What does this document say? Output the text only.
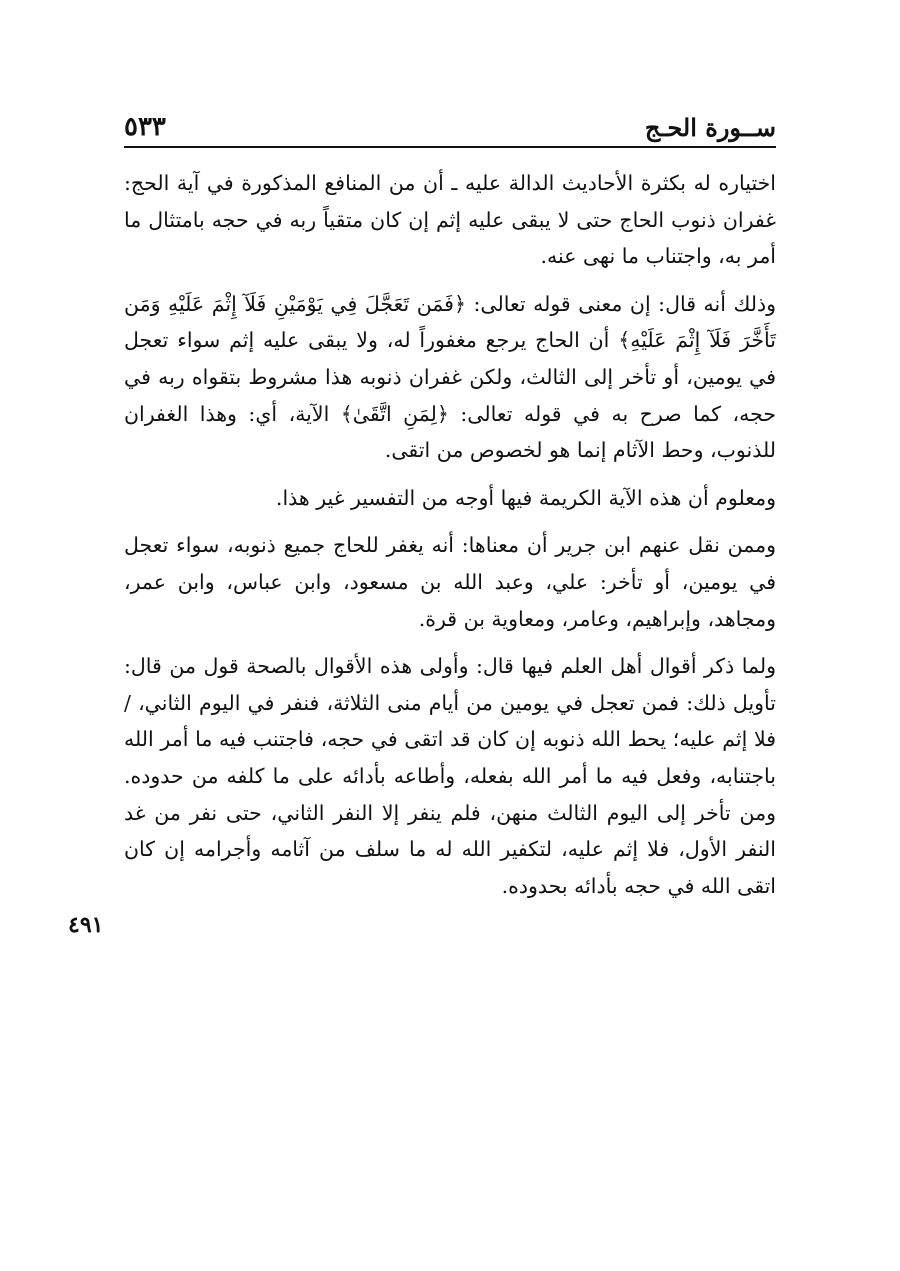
ســورة الحـج
٥٣٣
٤٩١

اختياره له بكثرة الأحاديث الدالة عليه ـ أن من المنافع المذكورة في آية الحج: غفران ذنوب الحاج حتى لا يبقى عليه إثم إن كان متقياً ربه في حجه بامتثال ما أمر به، واجتناب ما نهى عنه.

وذلك أنه قال: إن معنى قوله تعالى: ﴿فَمَن تَعَجَّلَ فِي يَوْمَيْنِ فَلَآ إِثْمَ عَلَيْهِ وَمَن تَأَخَّرَ فَلَآ إِثْمَ عَلَيْهِ﴾ أن الحاج يرجع مغفوراً له، ولا يبقى عليه إثم سواء تعجل في يومين، أو تأخر إلى الثالث، ولكن غفران ذنوبه هذا مشروط بتقواه ربه في حجه، كما صرح به في قوله تعالى: ﴿لِمَنِ اتَّقَىٰ﴾ الآية، أي: وهذا الغفران للذنوب، وحط الآثام إنما هو لخصوص من اتقى.

ومعلوم أن هذه الآية الكريمة فيها أوجه من التفسير غير هذا.

وممن نقل عنهم ابن جرير أن معناها: أنه يغفر للحاج جميع ذنوبه، سواء تعجل في يومين، أو تأخر: علي، وعبد الله بن مسعود، وابن عباس، وابن عمر، ومجاهد، وإبراهيم، وعامر، ومعاوية بن قرة.

ولما ذكر أقوال أهل العلم فيها قال: وأولى هذه الأقوال بالصحة قول من قال: تأويل ذلك: فمن تعجل في يومين من أيام منى الثلاثة، فنفر في اليوم الثاني، / فلا إثم عليه؛ يحط الله ذنوبه إن كان قد اتقى في حجه، فاجتنب فيه ما أمر الله باجتنابه، وفعل فيه ما أمر الله بفعله، وأطاعه بأدائه على ما كلفه من حدوده. ومن تأخر إلى اليوم الثالث منهن، فلم ينفر إلا النفر الثاني، حتى نفر من غد النفر الأول، فلا إثم عليه، لتكفير الله له ما سلف من آثامه وأجرامه إن كان اتقى الله في حجه بأدائه بحدوده.
